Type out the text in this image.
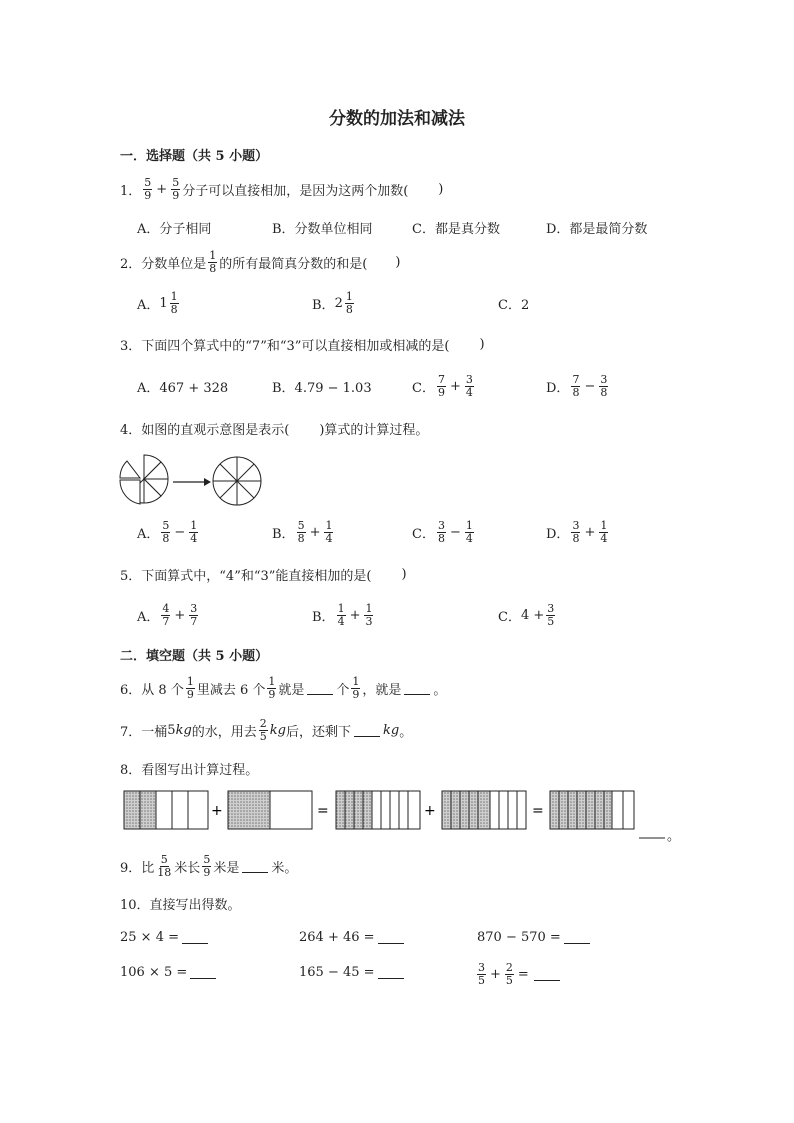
分数的加法和减法
一．选择题（共 5 小题）
1． $\frac{5}{9} + \frac{5}{9}$ 分子可以直接相加，是因为这两个加数( )
A．分子相同	B．分数单位相同	C．都是真分数	D．都是最简分数
2． 分数单位是 $\frac{1}{8}$ 的所有最简真分数的和是( )
A． $1 \frac{1}{8}$	B． $2 \frac{1}{8}$	C．2
3． 下面四个算式中的“7”和“3”可以直接相加或相减的是( )
A．467 + 328	B．4.79 − 1.03	C． $\frac{7}{9} + \frac{3}{4}$	D． $\frac{7}{8} - \frac{3}{8}$
4． 如图的直观示意图是表示( )算式的计算过程。
A． $\frac{5}{8} - \frac{1}{4}$	B． $\frac{5}{8} + \frac{1}{4}$	C． $\frac{3}{8} - \frac{1}{4}$	D． $\frac{3}{8} + \frac{1}{4}$
5． 下面算式中，“4”和“3”能直接相加的是( )
A． $\frac{4}{7} + \frac{3}{7}$	B． $\frac{1}{4} + \frac{1}{3}$	C． $4 + \frac{3}{5}$
二．填空题（共 5 小题）
6． 从 8 个 $\frac{1}{9}$ 里减去 6 个 $\frac{1}{9}$ 就是 个 $\frac{1}{9}$ ，就是 。
7． 一桶 5 kg 的水，用去 $\frac{2}{5}$ kg 后，还剩下 kg 。
8． 看图写出计算过程。
+	=	+	=
。
9． 比 $\frac{5}{18}$ 米长 $\frac{5}{9}$ 米是 米。
10． 直接写出得数。
25 × 4 =	264 + 46 =	870 − 570 =
106 × 5 =	165 − 45 =	$\frac{3}{5} + \frac{2}{5}$ =
